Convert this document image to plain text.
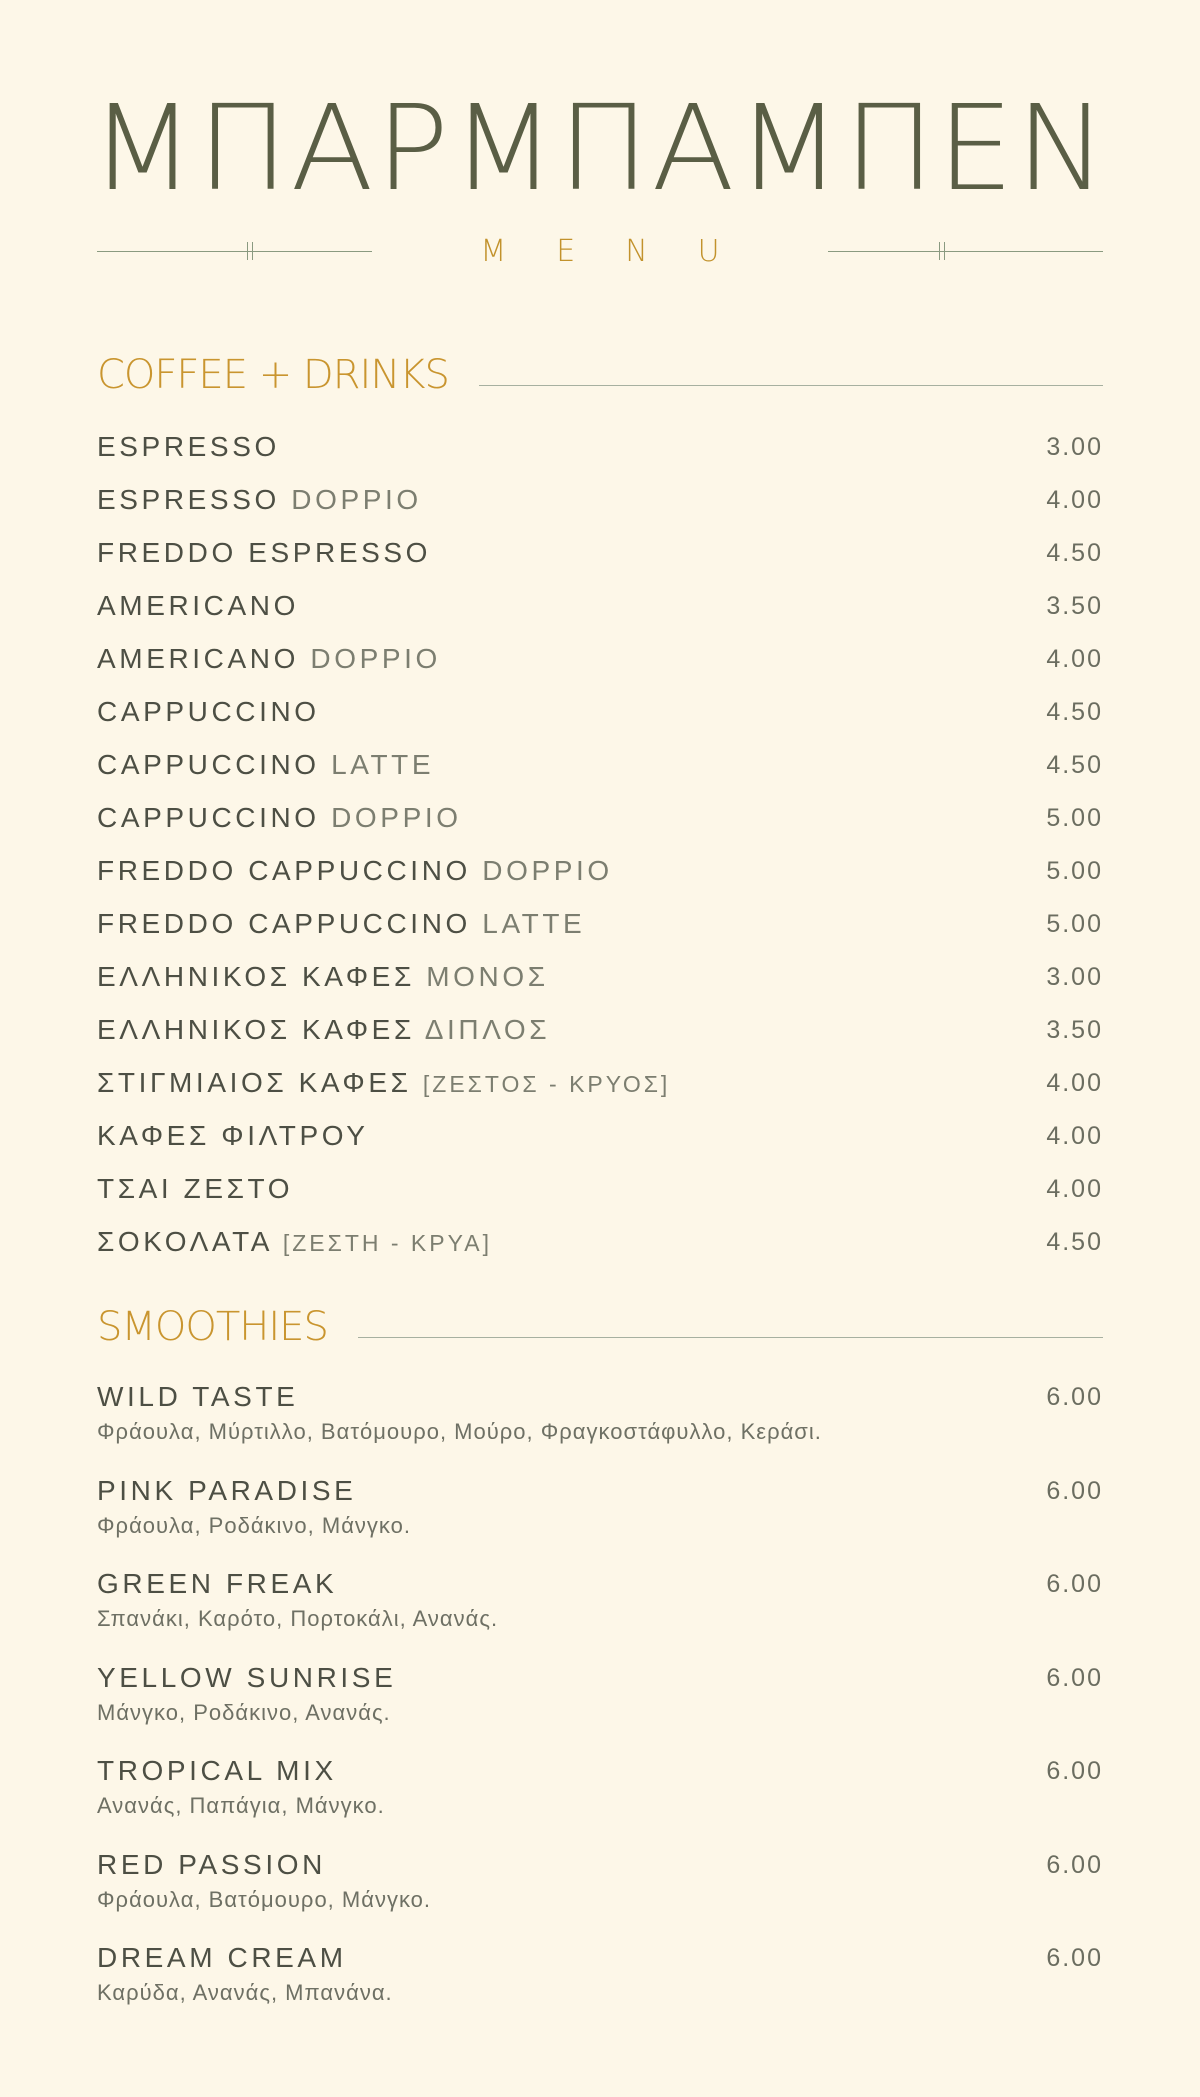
ΜΠΑΡΜΠΑΜΠΕΝ
MENU
COFFEE + DRINKS
ESPRESSO	3.00
ESPRESSO DOPPIO	4.00
FREDDO ESPRESSO	4.50
AMERICANO	3.50
AMERICANO DOPPIO	4.00
CAPPUCCINO	4.50
CAPPUCCINO LATTE	4.50
CAPPUCCINO DOPPIO	5.00
FREDDO CAPPUCCINO DOPPIO	5.00
FREDDO CAPPUCCINO LATTE	5.00
ΕΛΛΗΝΙΚΟΣ ΚΑΦΕΣ ΜΟΝΟΣ	3.00
ΕΛΛΗΝΙΚΟΣ ΚΑΦΕΣ ΔΙΠΛΟΣ	3.50
ΣΤΙΓΜΙΑΙΟΣ ΚΑΦΕΣ [ΖΕΣΤΟΣ - ΚΡΥΟΣ]	4.00
ΚΑΦΕΣ ΦΙΛΤΡΟΥ	4.00
ΤΣΑΙ ΖΕΣΤΟ	4.00
ΣΟΚΟΛΑΤΑ [ΖΕΣΤΗ - ΚΡΥΑ]	4.50
SMOOTHIES
WILD TASTE	6.00
Φράουλα, Μύρτιλλο, Βατόμουρο, Μούρο, Φραγκοστάφυλλο, Κεράσι.
PINK PARADISE	6.00
Φράουλα, Ροδάκινο, Μάνγκο.
GREEN FREAK	6.00
Σπανάκι, Καρότο, Πορτοκάλι, Ανανάς.
YELLOW SUNRISE	6.00
Μάνγκο, Ροδάκινο, Ανανάς.
TROPICAL MIX	6.00
Ανανάς, Παπάγια, Μάνγκο.
RED PASSION	6.00
Φράουλα, Βατόμουρο, Μάνγκο.
DREAM CREAM	6.00
Καρύδα, Ανανάς, Μπανάνα.
